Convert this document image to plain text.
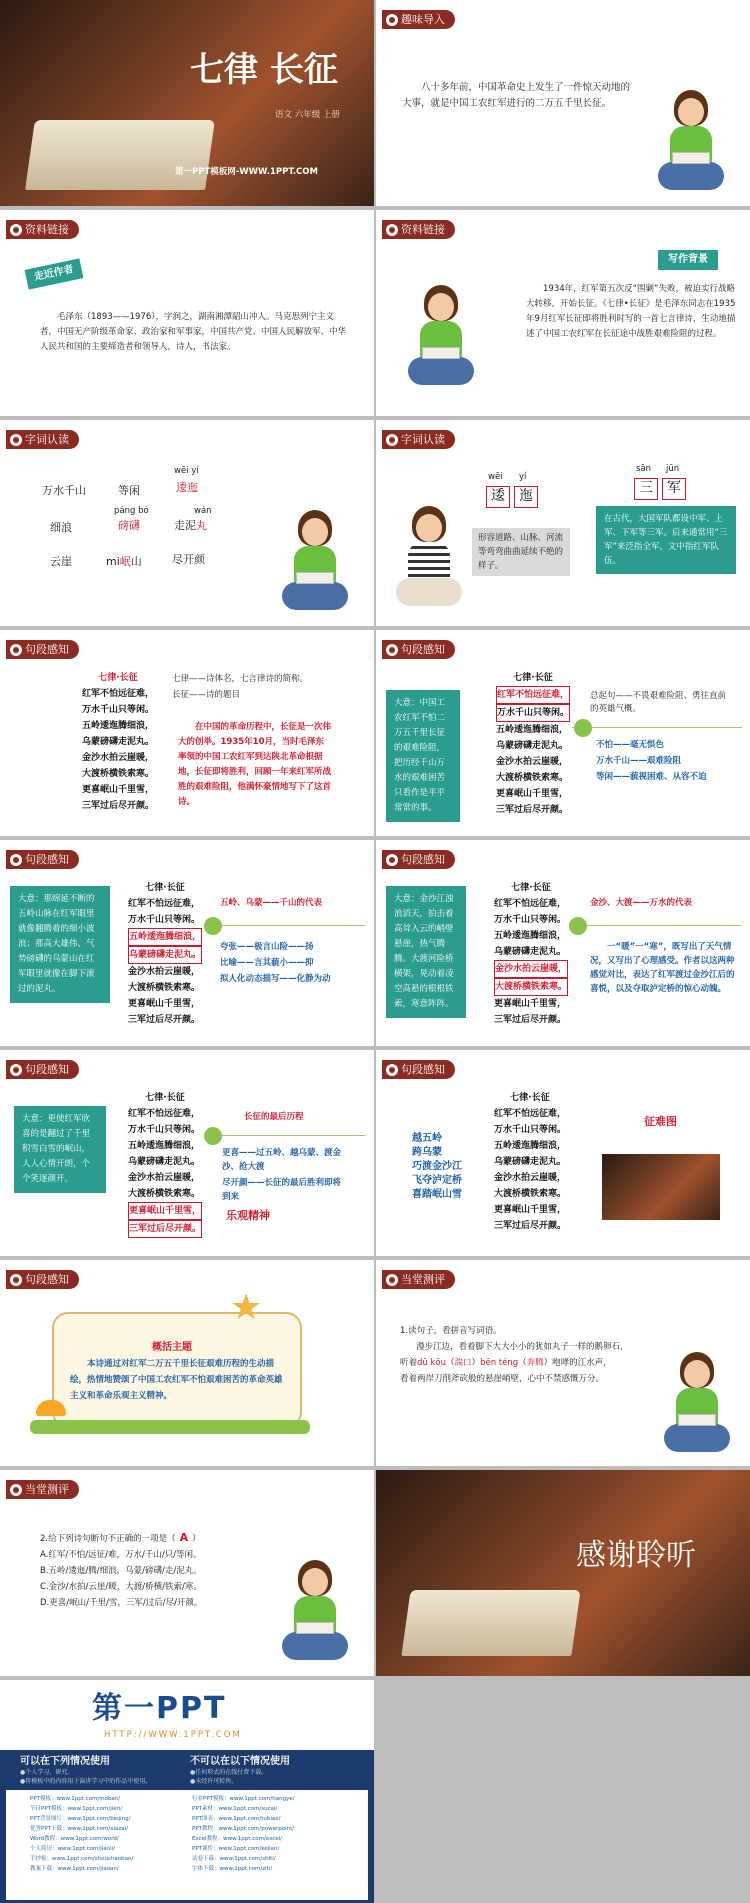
七律 长征
语文 六年级 上册
第一PPT模板网-WWW.1PPT.COM
趣味导入
八十多年前，中国革命史上发生了一件惊天动地的大事，就是中国工农红军进行的二万五千里长征。
资料链接
走近作者
毛泽东（1893——1976），字润之，湖南湘潭韶山冲人。马克思列宁主义者，中国无产阶级革命家、政治家和军事家，中国共产党、中国人民解放军、中华人民共和国的主要缔造者和领导人，诗人，书法家。
资料链接
写作背景
1934年，红军第五次反“围剿”失败，被迫实行战略大转移，开始长征。《七律•长征》是毛泽东同志在1935年9月红军长征即将胜利时写的一首七言律诗，生动地描述了中国工农红军在长征途中战胜艰难险阻的过程。
字词认读
万水千山	等闲
wēi yí
逶迤
páng bó
磅礴
wán
走泥丸
细浪
云崖	mi岷山	尽开颜
字词认读
wēi yí
逶	迤
sān jūn
三	军
形容道路、山脉、河流等弯弯曲曲延续不绝的样子。
在古代，大国军队都设中军、上军、下军等三军。后来通常用“三军”来泛指全军。文中指红军队伍。
句段感知
七律·长征
红军不怕远征难，
万水千山只等闲。
五岭逶迤腾细浪，
乌蒙磅礴走泥丸。
金沙水拍云崖暖，
大渡桥横铁索寒。
更喜岷山千里雪，
三军过后尽开颜。
七律——诗体名，七言律诗的简称。
长征——诗的题目
在中国的革命历程中，长征是一次伟大的创举。1935年10月，当时毛泽东率领的中国工农红军到达陕北革命根据地，长征即将胜利，回顾一年来红军所战胜的艰难险阻，他满怀豪情地写下了这首诗。
句段感知
大意：中国工农红军不怕二万五千里长征的艰难险阻，把历经千山万水的艰难困苦只看作是平平常常的事。
七律·长征
红军不怕远征难，
万水千山只等闲。
五岭逶迤腾细浪，
乌蒙磅礴走泥丸。
金沙水拍云崖暖，
大渡桥横铁索寒。
更喜岷山千里雪，
三军过后尽开颜。
总起句——不畏艰难险阻、勇往直前的英雄气概。
不怕——毫无惧色
万水千山——艰难险阻
等闲——藐视困难、从容不迫
句段感知
大意：那绵延不断的五岭山脉在红军眼里就像翻腾着的细小波浪；那高大雄伟、气势磅礴的乌蒙山在红军眼里就像在脚下滚过的泥丸。
七律·长征
红军不怕远征难，
万水千山只等闲。
五岭逶迤腾细浪，
乌蒙磅礴走泥丸。
金沙水拍云崖暖，
大渡桥横铁索寒。
更喜岷山千里雪，
三军过后尽开颜。
五岭、乌蒙——千山的代表
夸张——极言山险——扬
比喻——言其藐小——抑
拟人化动态描写——化静为动
句段感知
大意：金沙江浊浪滔天，拍击着高耸入云的峭壁悬崖，热气腾腾。大渡河险桥横架，晃动着凌空高悬的根根铁索，寒意阵阵。
七律·长征
红军不怕远征难，
万水千山只等闲。
五岭逶迤腾细浪，
乌蒙磅礴走泥丸。
金沙水拍云崖暖，
大渡桥横铁索寒。
更喜岷山千里雪，
三军过后尽开颜。
金沙、大渡——万水的代表
一“暖”一“寒”，既写出了天气情况，又写出了心理感受。作者以这两种感觉对比，表达了红军渡过金沙江后的喜悦，以及夺取泸定桥的惊心动魄。
句段感知
大意：更使红军欣喜的是翻过了千里积雪白雪的岷山，人人心情开朗，个个笑逐颜开。
七律·长征
红军不怕远征难，
万水千山只等闲。
五岭逶迤腾细浪，
乌蒙磅礴走泥丸。
金沙水拍云崖暖，
大渡桥横铁索寒。
更喜岷山千里雪，
三军过后尽开颜。
长征的最后历程
更喜——过五岭、越乌蒙、渡金沙、抢大渡
尽开颜——长征的最后胜利即将到来
乐观精神
句段感知
越五岭
跨乌蒙
巧渡金沙江
飞夺泸定桥
喜踏岷山雪
七律·长征
红军不怕远征难，
万水千山只等闲。
五岭逶迤腾细浪，
乌蒙磅礴走泥丸。
金沙水拍云崖暖，
大渡桥横铁索寒。
更喜岷山千里雪，
三军过后尽开颜。
征难图
句段感知
★
概括主题
本诗通过对红军二万五千里长征艰难历程的生动描绘，热情地赞颂了中国工农红军不怕艰难困苦的革命英雄主义和革命乐观主义精神。
当堂测评
1.读句子，看拼音写词语。
漫步江边，看着脚下大大小小的犹如丸子一样的鹅卵石，
听着dǔ kōu（湍口）bēn téng（奔腾）咆哮的江水声，
看着两岸刀削斧砍般的悬崖峭壁，心中不禁感慨万分。
当堂测评
2.给下列诗句断句不正确的一项是（ A ）
A.红军/不怕/远征/难，万水/千山/只/等闲。
B.五岭/逶迤/腾/细浪，乌蒙/磅礴/走/泥丸。
C.金沙/水拍/云崖/暖，大渡/桥横/铁索/寒。
D.更喜/岷山/千里/雪，三军/过后/尽/开颜。
感谢聆听
第一PPT
HTTP://WWW.1PPT.COM
可以在下列情况使用
●个人学习、研究。
●将模板中的内容用于演讲学习中的作品中使用。
不可以在以下情况使用
●任何形式的在线付费下载。
●未经许可转售。
PPT模板：www.1ppt.com/moban/
节日PPT模板：www.1ppt.com/jieri/
PPT背景图片：www.1ppt.com/beijing/
优秀PPT下载：www.1ppt.com/xiazai/
Word教程：www.1ppt.com/word/
个人简历：www.1ppt.com/jianli/
手抄报：www.1ppt.com/shouchaobao/
教案下载：www.1ppt.com/jiaoan/
行业PPT模板：www.1ppt.com/hangye/
PPT素材：www.1ppt.com/sucai/
PPT图表：www.1ppt.com/tubiao/
PPT教程：www.1ppt.com/powerpoint/
Excel教程：www.1ppt.com/excel/
PPT课件：www.1ppt.com/kejian/
试卷下载：www.1ppt.com/shiti/
字体下载：www.1ppt.com/ziti/
